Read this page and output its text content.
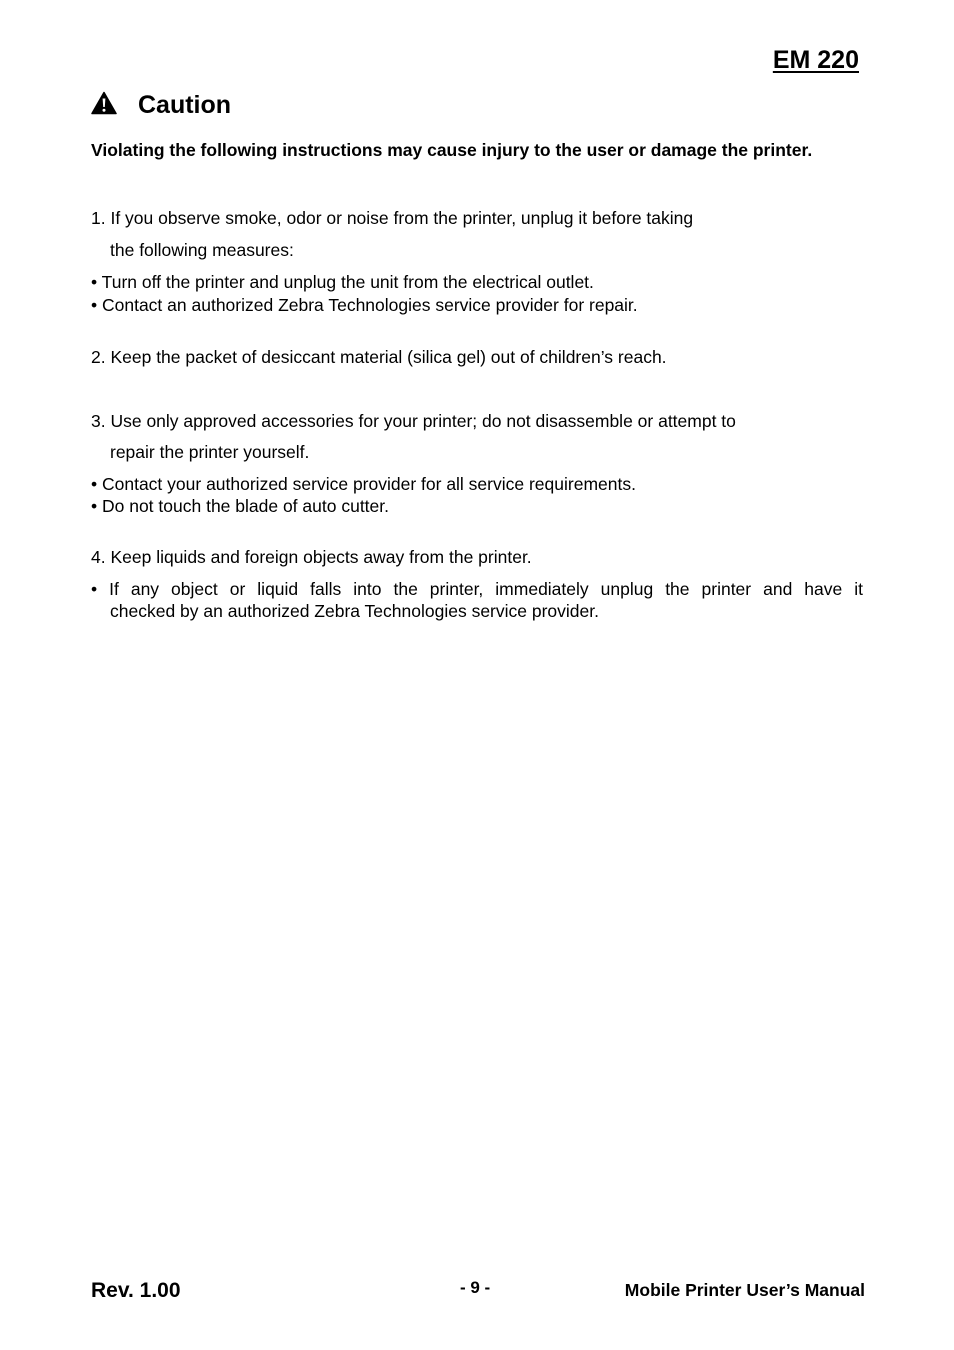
EM 220
Caution
Violating the following instructions may cause injury to the user or damage the printer.
1. If you observe smoke, odor or noise from the printer, unplug it before taking
the following measures:
• Turn off the printer and unplug the unit from the electrical outlet.
• Contact an authorized Zebra Technologies service provider for repair.
2. Keep the packet of desiccant material (silica gel) out of children’s reach.
3. Use only approved accessories for your printer; do not disassemble or attempt to
repair the printer yourself.
• Contact your authorized service provider for all service requirements.
• Do not touch the blade of auto cutter.
4. Keep liquids and foreign objects away from the printer.
• If any object or liquid falls into the printer, immediately unplug the printer and have it
checked by an authorized Zebra Technologies service provider.
Rev. 1.00	- 9 -	Mobile Printer User’s Manual
